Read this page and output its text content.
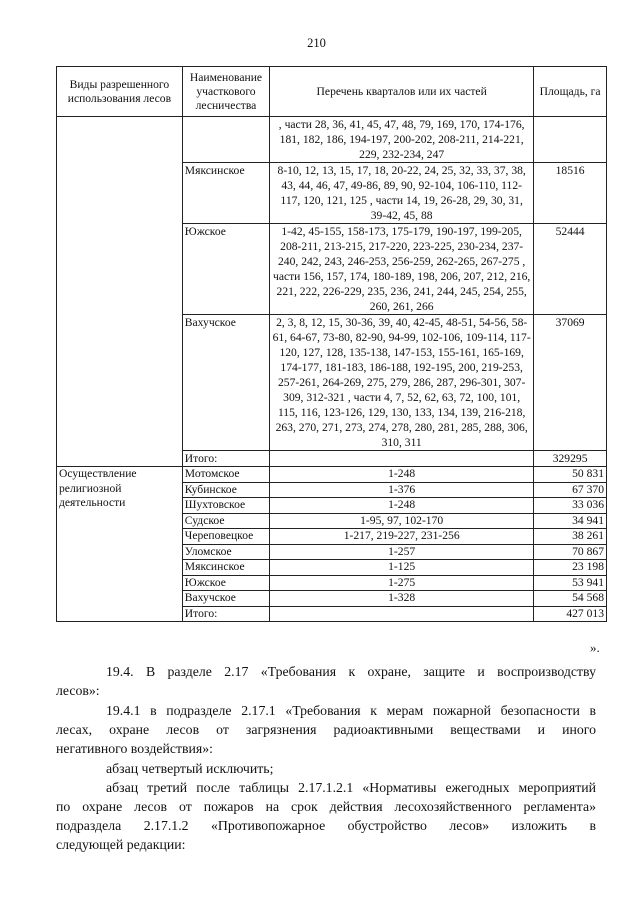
210
Виды разрешенного использования лесов	Наименование участкового лесничества	Перечень кварталов или их частей	Площадь, га
		, части 28, 36, 41, 45, 47, 48, 79, 169, 170, 174-176, 181, 182, 186, 194-197, 200-202, 208-211, 214-221, 229, 232-234, 247	
	Мяксинское	8-10, 12, 13, 15, 17, 18, 20-22, 24, 25, 32, 33, 37, 38, 43, 44, 46, 47, 49-86, 89, 90, 92-104, 106-110, 112-117, 120, 121, 125 , части 14, 19, 26-28, 29, 30, 31, 39-42, 45, 88	18516
	Южское	1-42, 45-155, 158-173, 175-179, 190-197, 199-205, 208-211, 213-215, 217-220, 223-225, 230-234, 237-240, 242, 243, 246-253, 256-259, 262-265, 267-275 , части 156, 157, 174, 180-189, 198, 206, 207, 212, 216, 221, 222, 226-229, 235, 236, 241, 244, 245, 254, 255, 260, 261, 266	52444
	Вахучское	2, 3, 8, 12, 15, 30-36, 39, 40, 42-45, 48-51, 54-56, 58-61, 64-67, 73-80, 82-90, 94-99, 102-106, 109-114, 117-120, 127, 128, 135-138, 147-153, 155-161, 165-169, 174-177, 181-183, 186-188, 192-195, 200, 219-253, 257-261, 264-269, 275, 279, 286, 287, 296-301, 307-309, 312-321 , части 4, 7, 52, 62, 63, 72, 100, 101, 115, 116, 123-126, 129, 130, 133, 134, 139, 216-218, 263, 270, 271, 273, 274, 278, 280, 281, 285, 288, 306, 310, 311	37069
	Итого:		329295
Осуществление религиозной деятельности	Мотомское	1-248	50 831
	Кубинское	1-376	67 370
	Шухтовское	1-248	33 036
	Судское	1-95, 97, 102-170	34 941
	Череповецкое	1-217, 219-227, 231-256	38 261
	Уломское	1-257	70 867
	Мяксинское	1-125	23 198
	Южское	1-275	53 941
	Вахучское	1-328	54 568
	Итого:		427 013
».
19.4. В разделе 2.17 «Требования к охране, защите и воспроизводству
лесов»:
19.4.1 в подразделе 2.17.1 «Требования к мерам пожарной безопасности в
лесах, охране лесов от загрязнения радиоактивными веществами и иного
негативного воздействия»:
абзац четвертый исключить;
абзац третий после таблицы 2.17.1.2.1 «Нормативы ежегодных мероприятий
по охране лесов от пожаров на срок действия лесохозяйственного регламента»
подраздела 2.17.1.2 «Противопожарное обустройство лесов» изложить в
следующей редакции:
